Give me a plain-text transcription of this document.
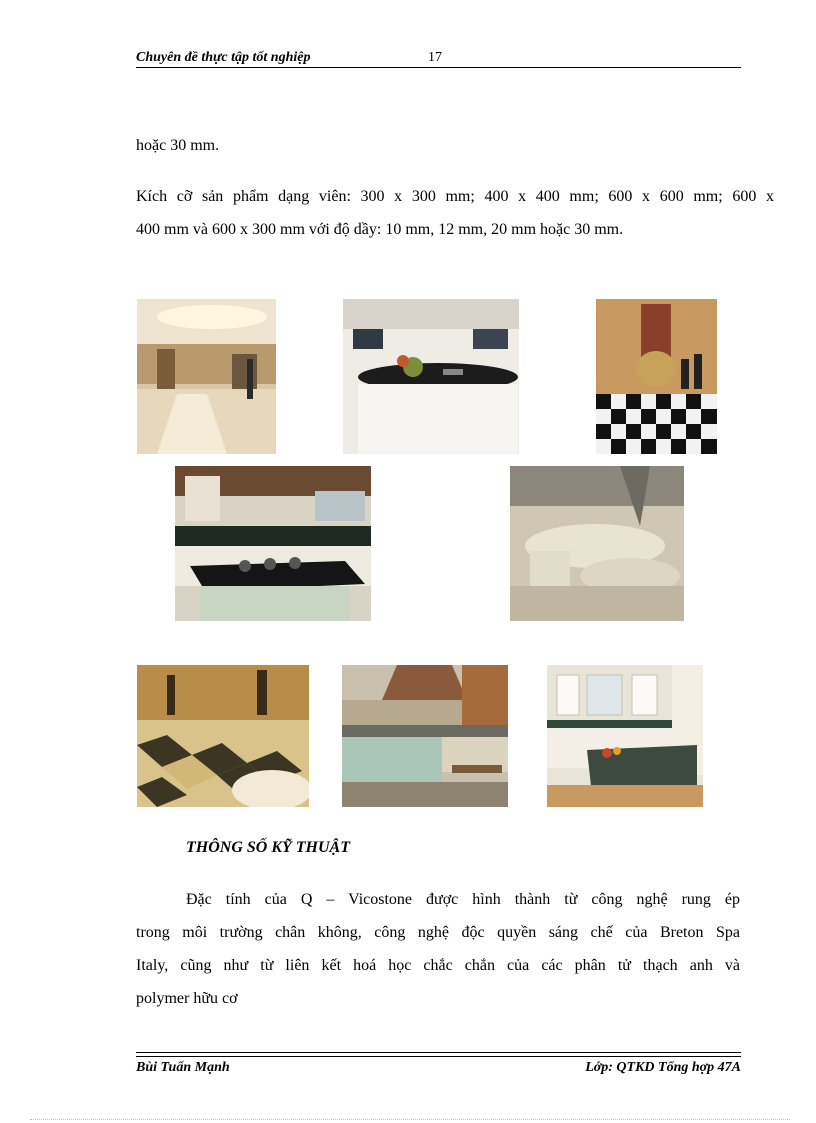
Chuyên đề thực tập tốt nghiệp	17
hoặc 30 mm.
Kích cỡ sản phẩm dạng viên: 300 x 300 mm; 400 x 400 mm; 600 x 600 mm; 600 x
400 mm và 600 x 300 mm với độ dầy: 10 mm, 12 mm, 20 mm hoặc 30 mm.
THÔNG SỐ KỸ THUẬT
Đặc tính của Q – Vicostone được hình thành từ công nghệ rung ép
trong môi trường chân không, công nghệ độc quyền sáng chế của Breton Spa
Italy, cũng như từ liên kết hoá học chắc chắn của các phân tử thạch anh và
polymer hữu cơ
Bùi Tuấn Mạnh	Lớp: QTKD Tổng hợp 47A
